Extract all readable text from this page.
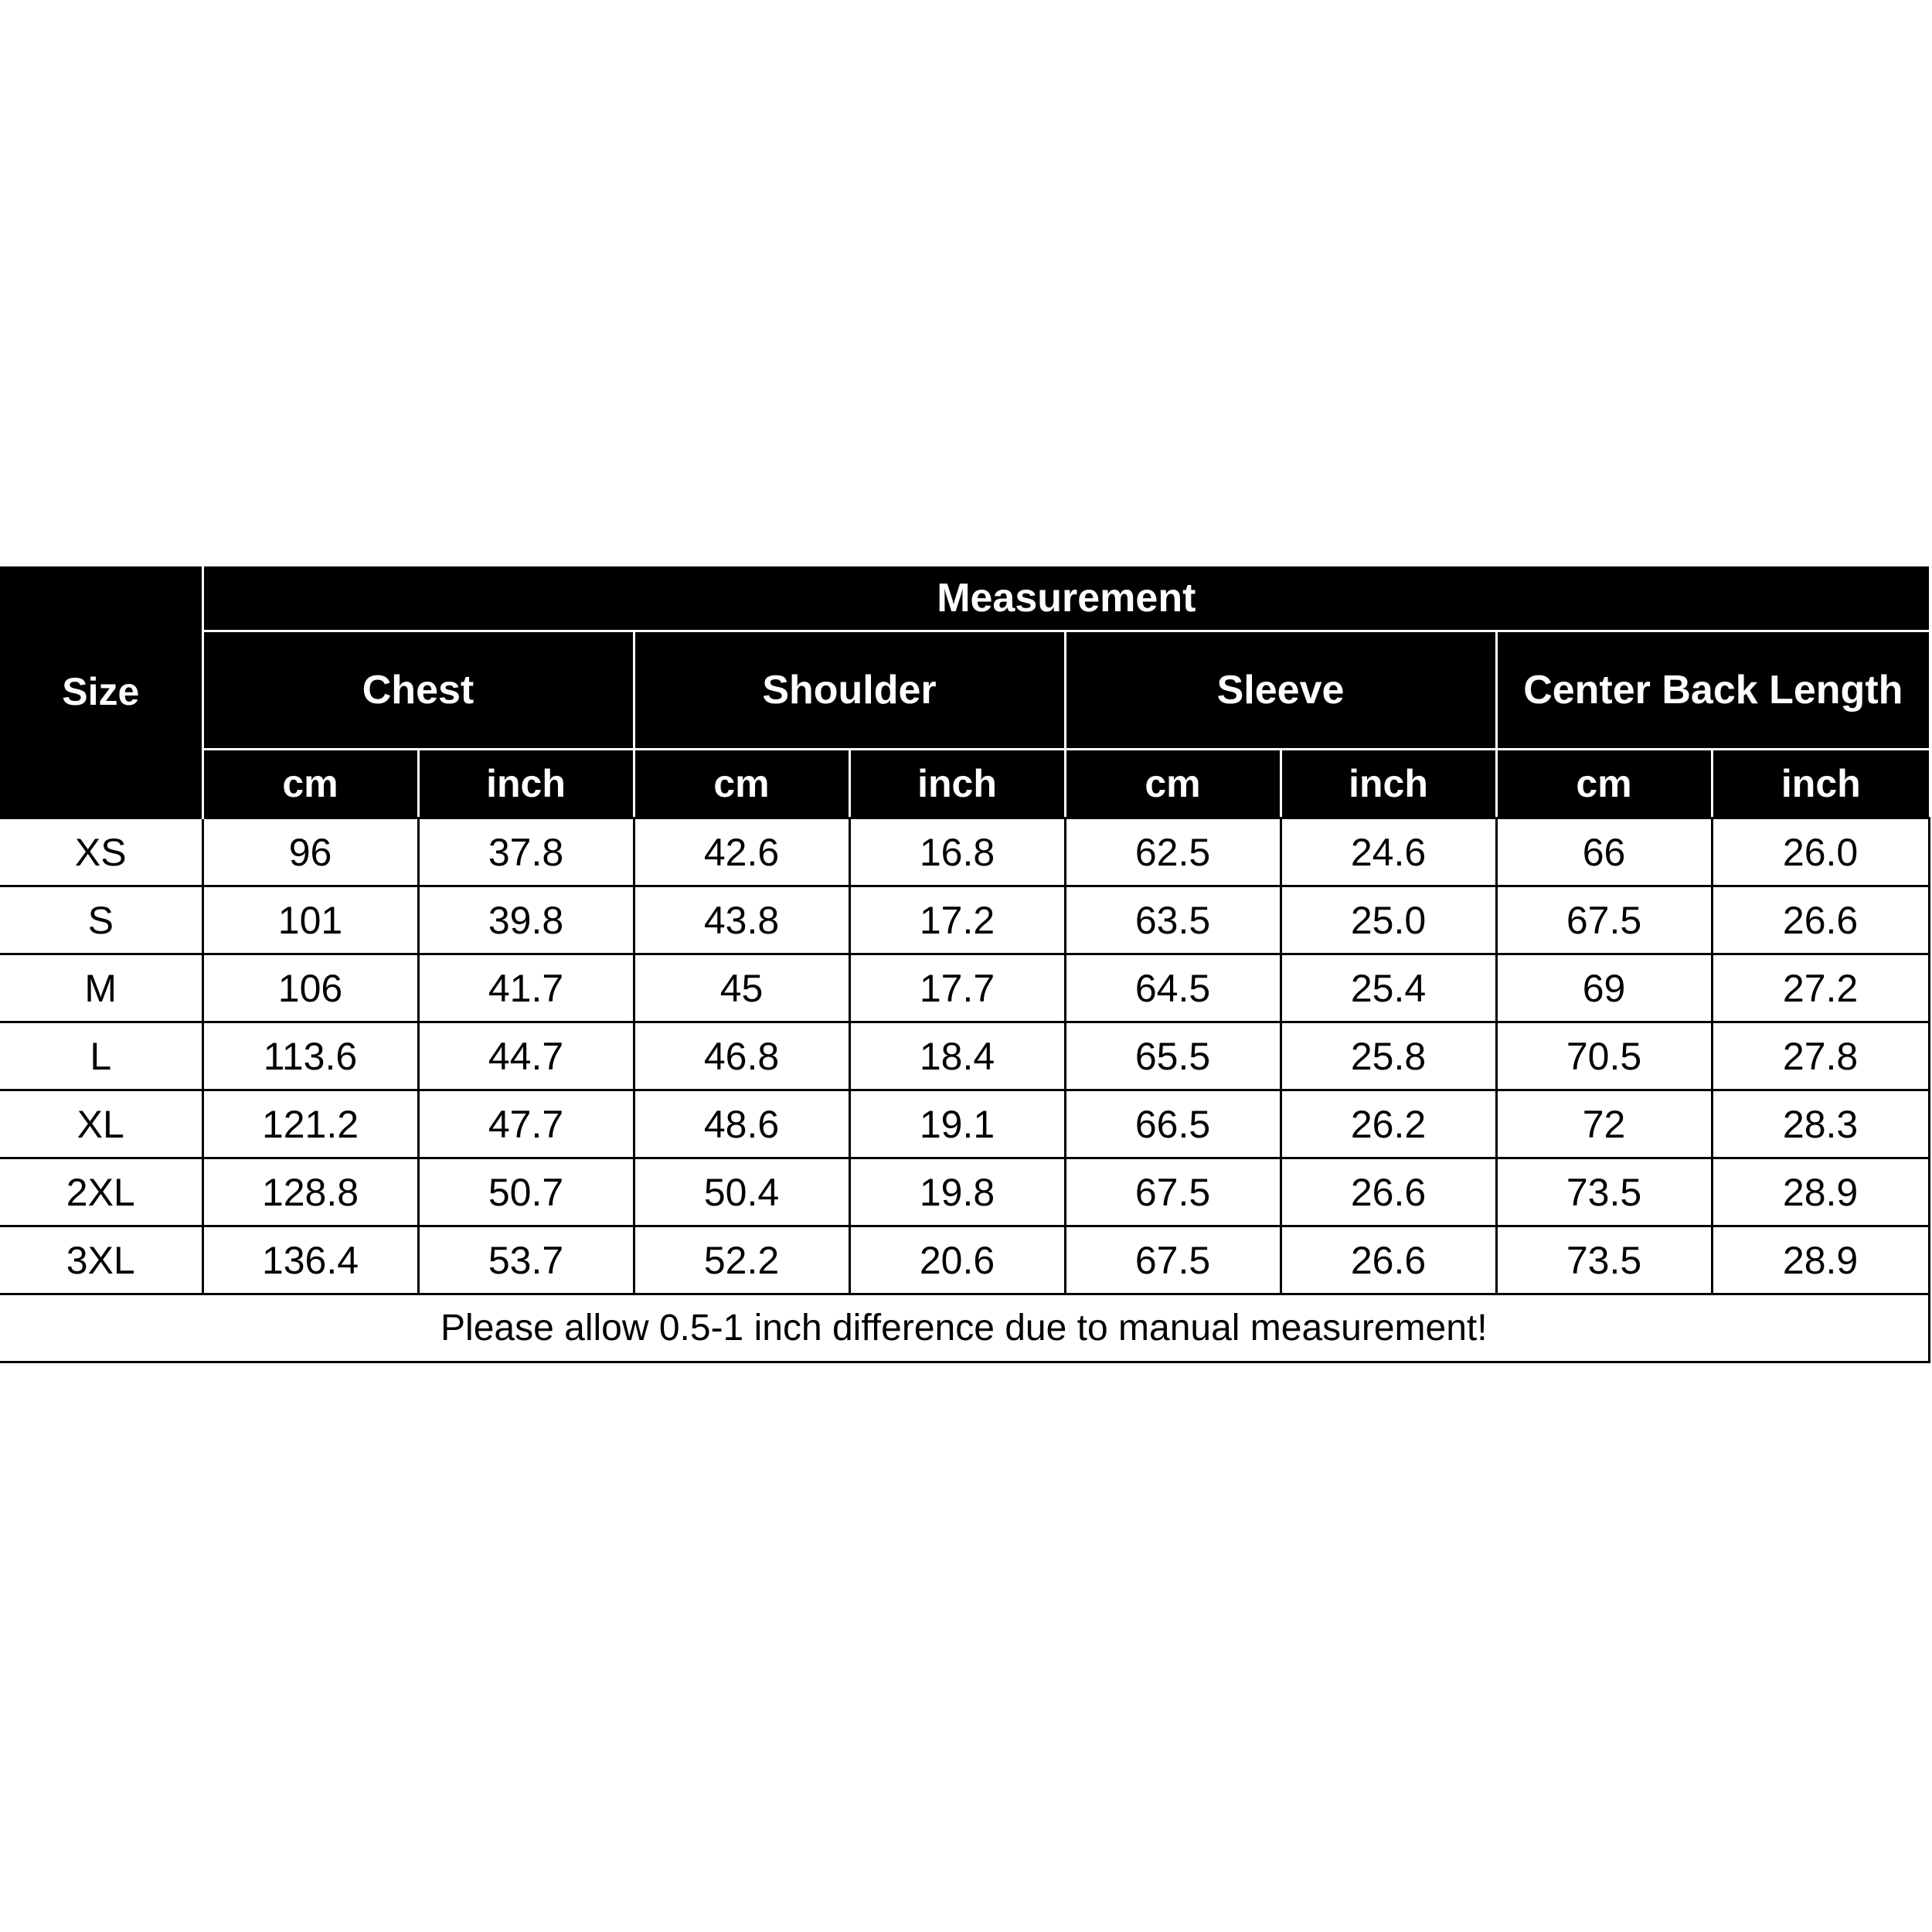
Size	Measurement							
	Chest		Shoulder		Sleeve		Center Back Length	
	cm	inch	cm	inch	cm	inch	cm	inch
XS	96	37.8	42.6	16.8	62.5	24.6	66	26.0
S	101	39.8	43.8	17.2	63.5	25.0	67.5	26.6
M	106	41.7	45	17.7	64.5	25.4	69	27.2
L	113.6	44.7	46.8	18.4	65.5	25.8	70.5	27.8
XL	121.2	47.7	48.6	19.1	66.5	26.2	72	28.3
2XL	128.8	50.7	50.4	19.8	67.5	26.6	73.5	28.9
3XL	136.4	53.7	52.2	20.6	67.5	26.6	73.5	28.9
Please allow 0.5-1 inch difference due to manual measurement!								
